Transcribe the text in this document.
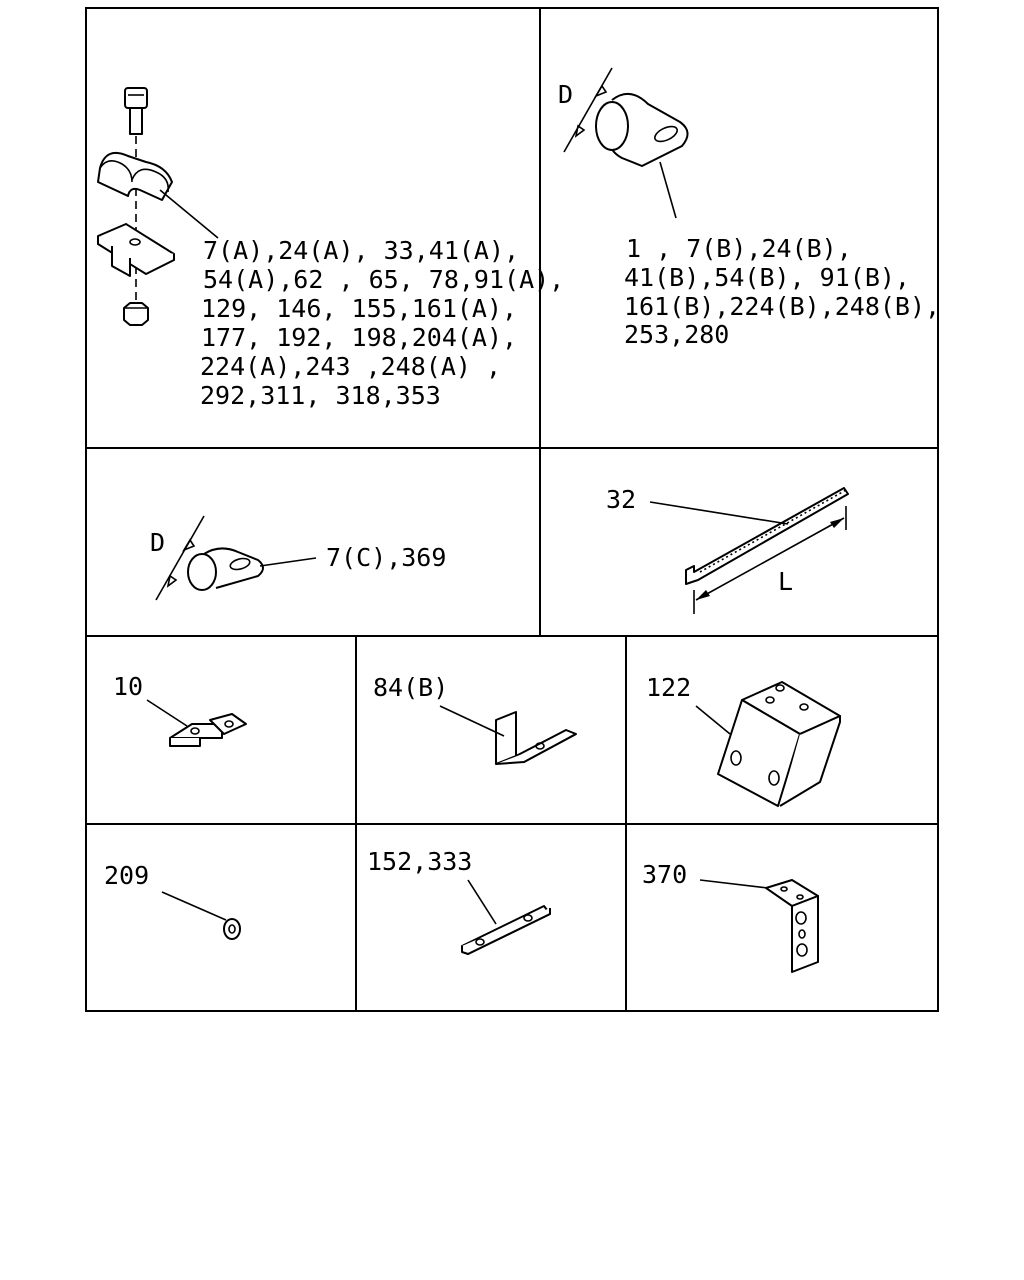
7(A),24(A), 33,41(A),
54(A),62 , 65, 78,91(A),
129, 146, 155,161(A),
177, 192, 198,204(A),
224(A),243 ,248(A) ,
292,311, 318,353
D
1 , 7(B),24(B),
41(B),54(B), 91(B),
161(B),224(B),248(B),
253,280
D
7(C),369
32
L
10	84(B)	122
209	152,333	370
